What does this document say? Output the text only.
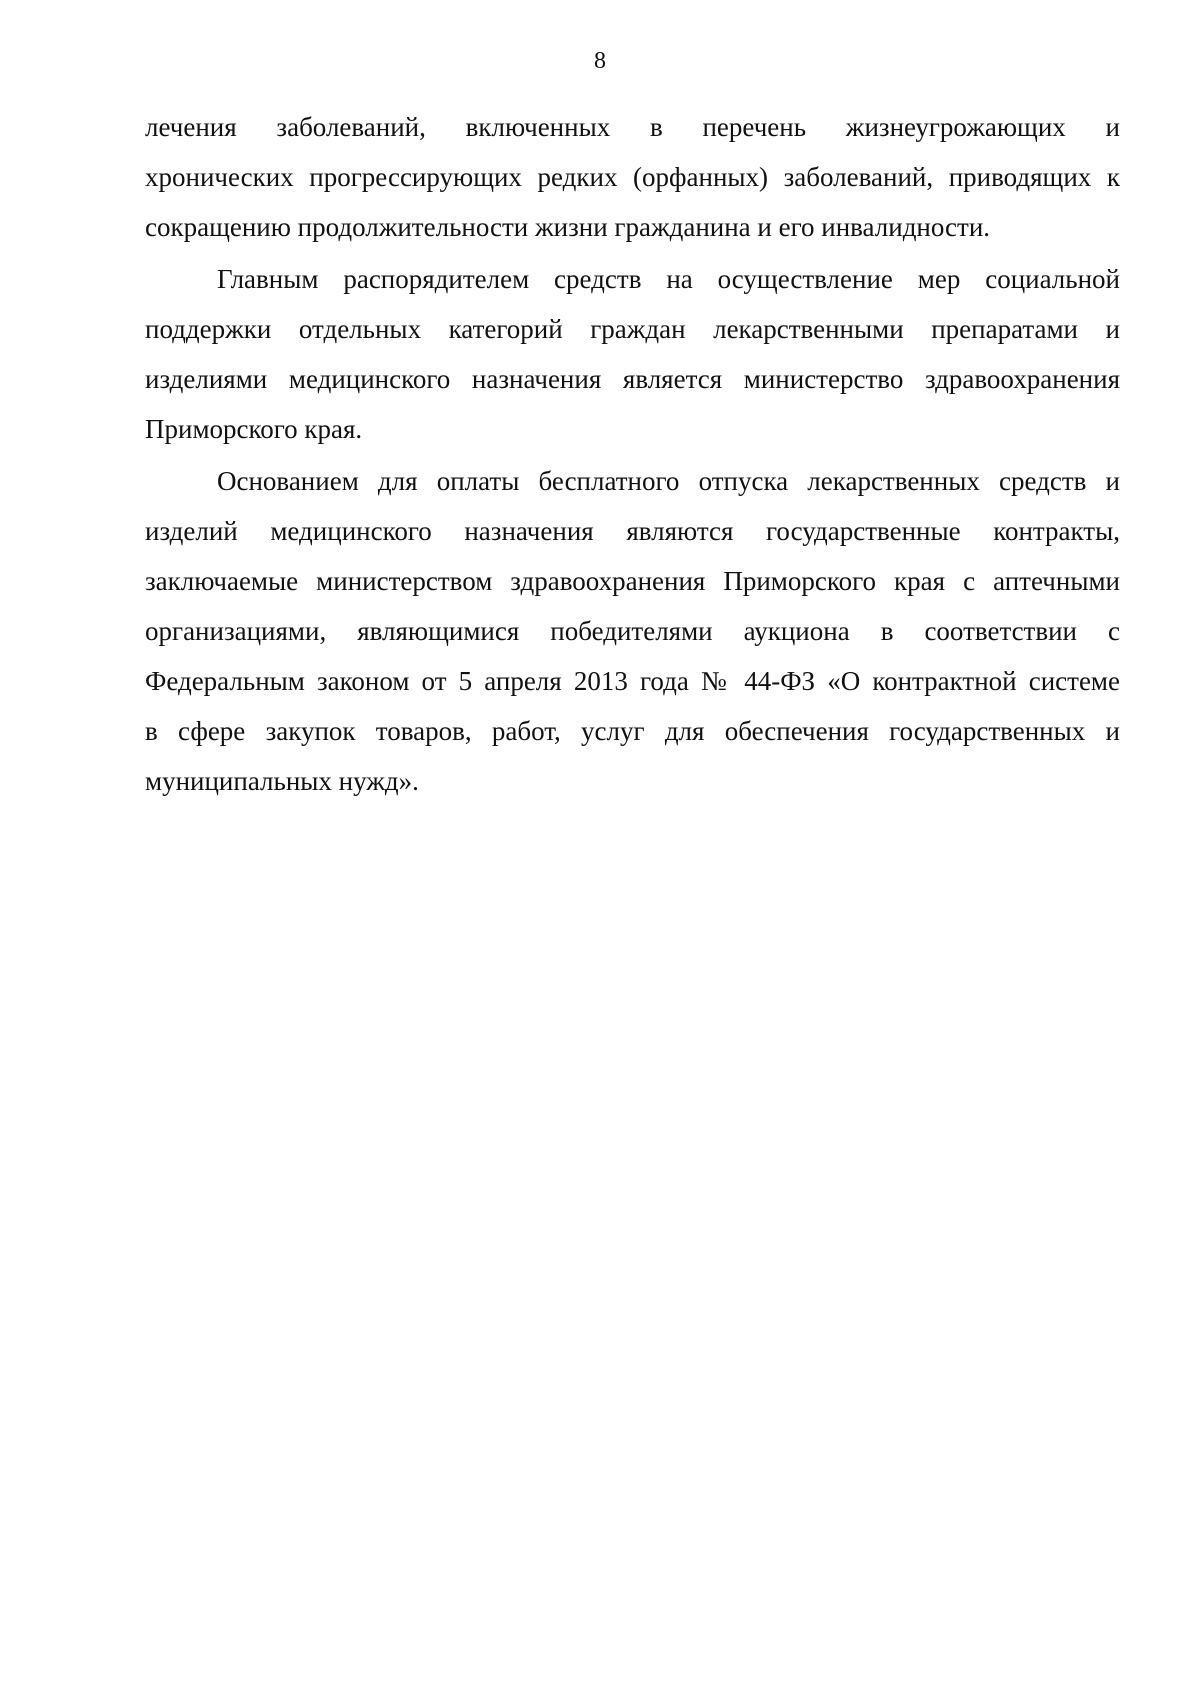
8
лечения заболеваний, включенных в перечень жизнеугрожающих и
хронических прогрессирующих редких (орфанных) заболеваний, приводящих к
сокращению продолжительности жизни гражданина и его инвалидности.
Главным распорядителем средств на осуществление мер социальной
поддержки отдельных категорий граждан лекарственными препаратами и
изделиями медицинского назначения является министерство здравоохранения
Приморского края.
Основанием для оплаты бесплатного отпуска лекарственных средств и
изделий медицинского назначения являются государственные контракты,
заключаемые министерством здравоохранения Приморского края с аптечными
организациями, являющимися победителями аукциона в соответствии с
Федеральным законом от 5 апреля 2013 года № 44-ФЗ «О контрактной системе
в сфере закупок товаров, работ, услуг для обеспечения государственных и
муниципальных нужд».
